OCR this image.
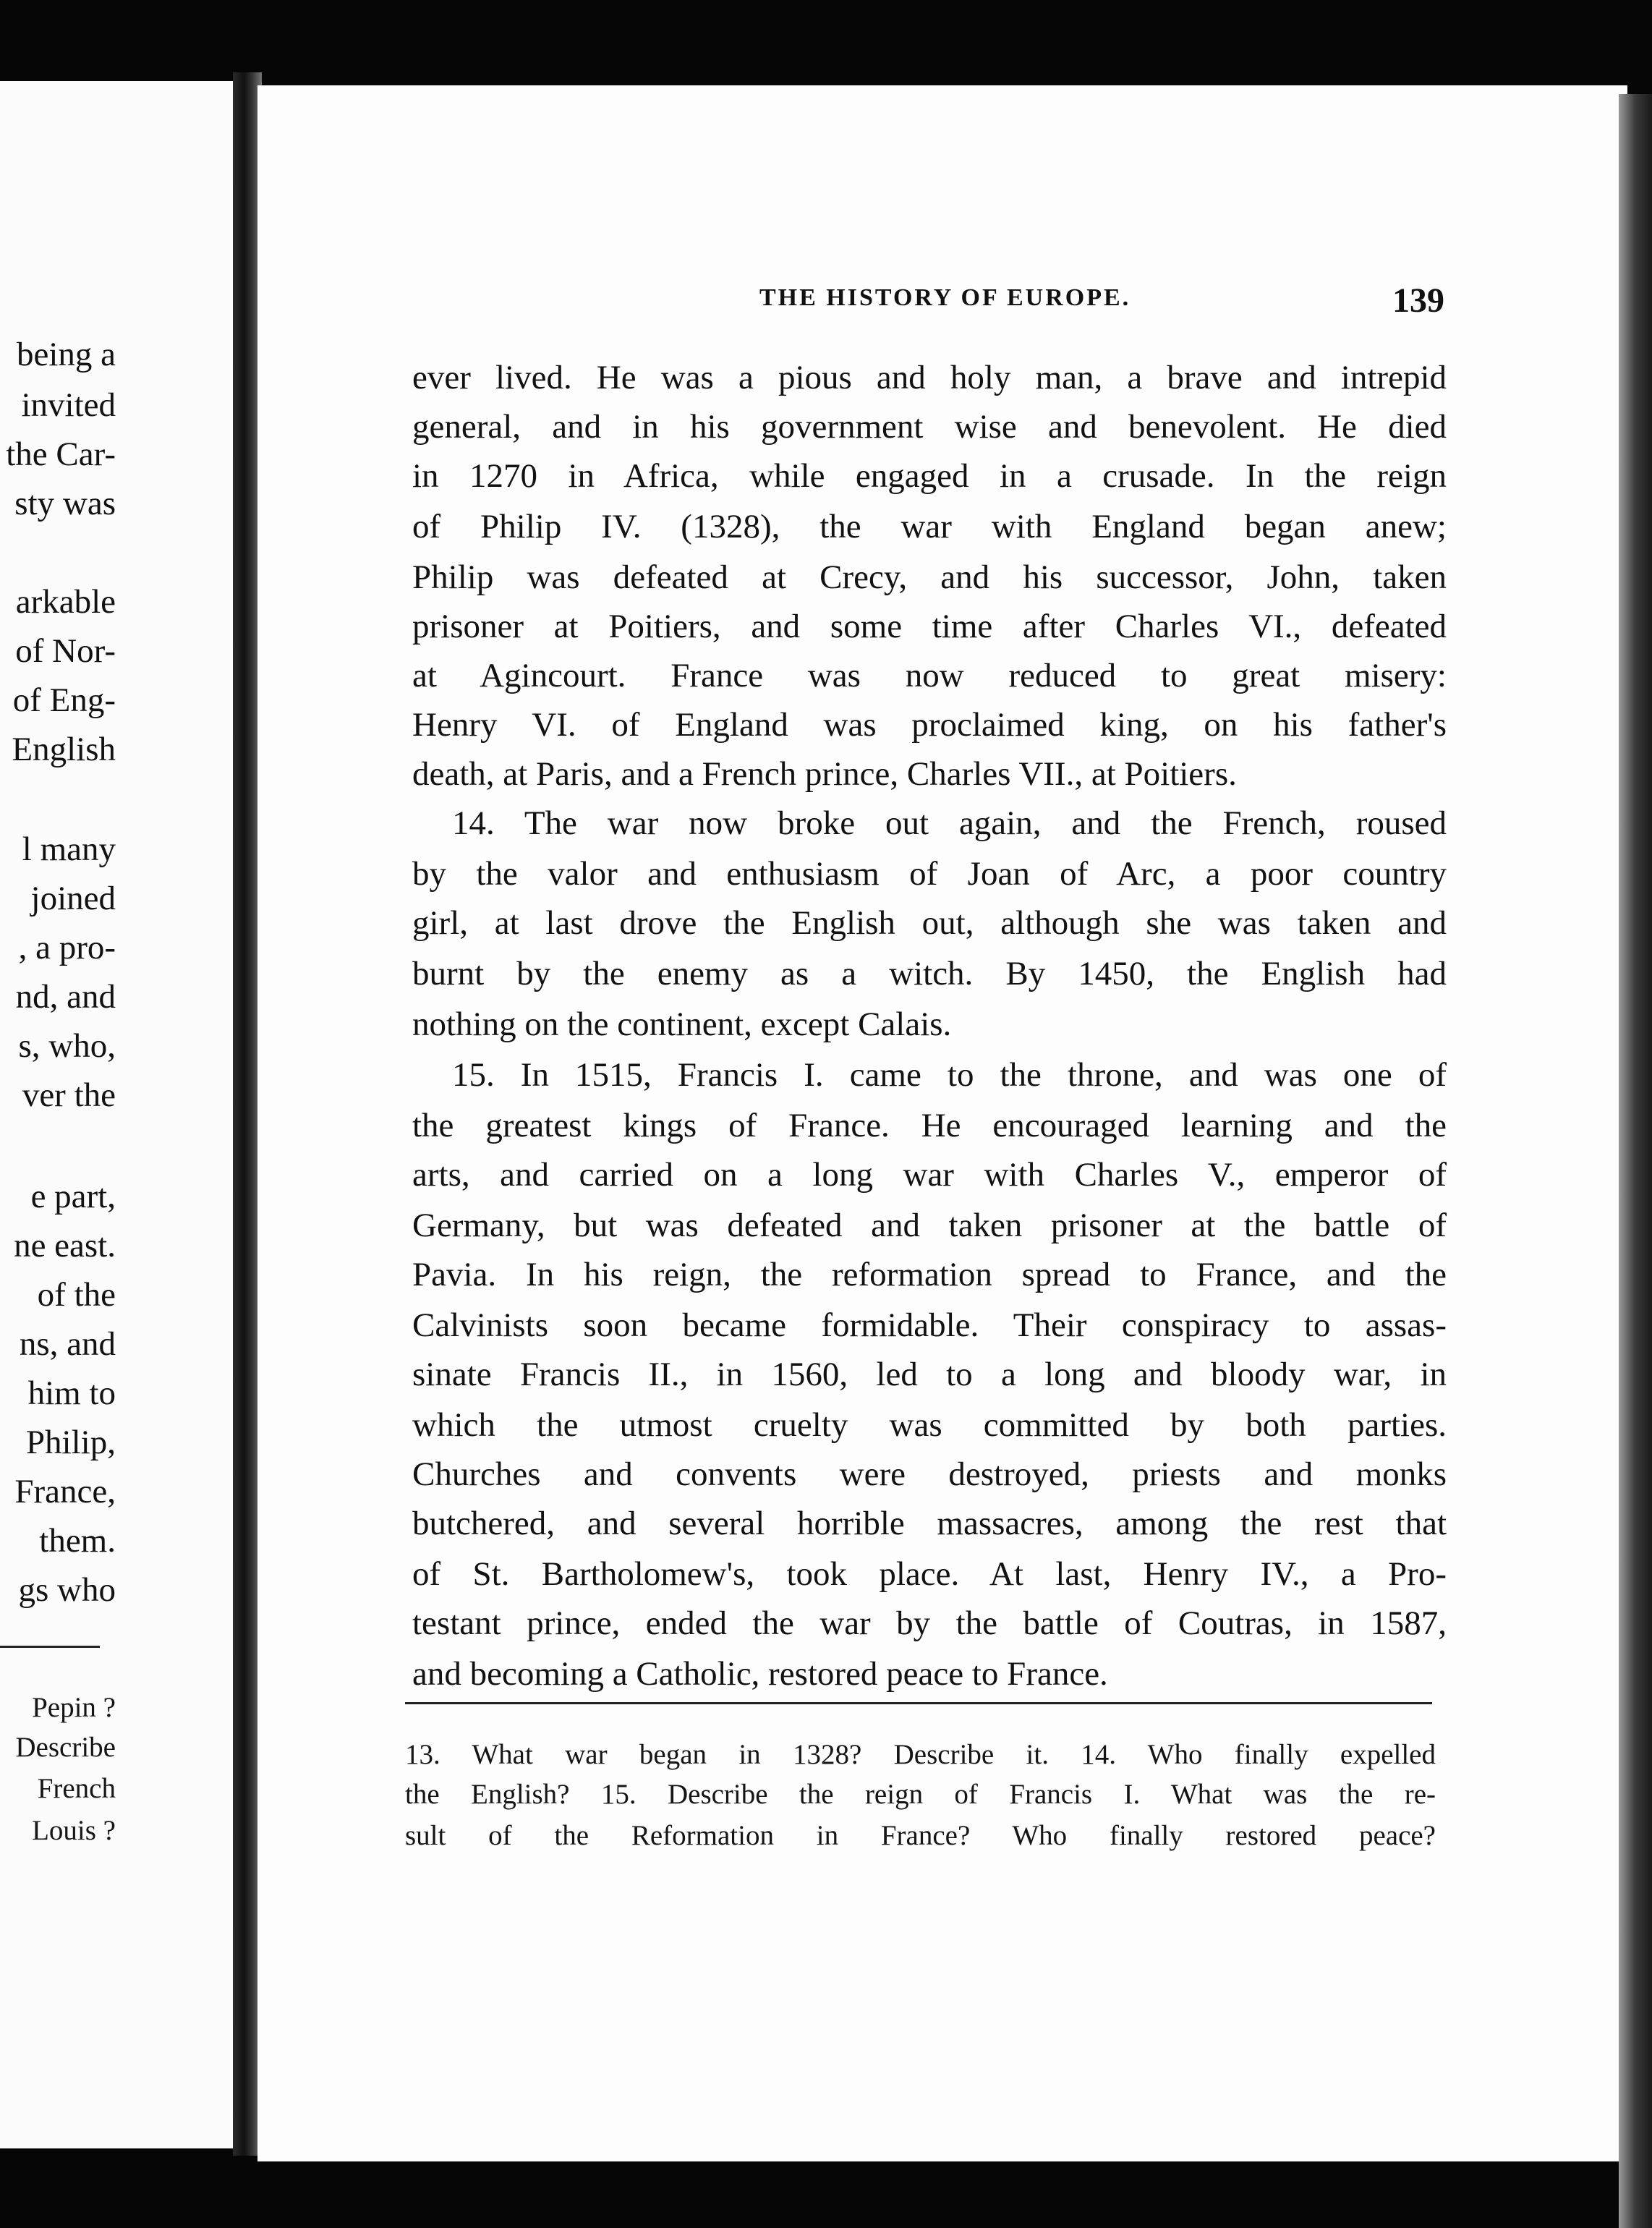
being a
invited
the Car-
sty was
arkable
of Nor-
of Eng-
English
l many
joined
, a pro-
nd, and
s, who,
ver the
e part,
ne east.
of the
ns, and
him to
Philip,
France,
them.
gs who
Pepin ?
Describe
French
Louis ?
THE HISTORY OF EUROPE.	139
ever lived. He was a pious and holy man, a brave and intrepid
general, and in his government wise and benevolent. He died
in 1270 in Africa, while engaged in a crusade. In the reign
of Philip IV. (1328), the war with England began anew;
Philip was defeated at Crecy, and his successor, John, taken
prisoner at Poitiers, and some time after Charles VI., defeated
at Agincourt. France was now reduced to great misery:
Henry VI. of England was proclaimed king, on his father's
death, at Paris, and a French prince, Charles VII., at Poitiers.
14. The war now broke out again, and the French, roused
by the valor and enthusiasm of Joan of Arc, a poor country
girl, at last drove the English out, although she was taken and
burnt by the enemy as a witch. By 1450, the English had
nothing on the continent, except Calais.
15. In 1515, Francis I. came to the throne, and was one of
the greatest kings of France. He encouraged learning and the
arts, and carried on a long war with Charles V., emperor of
Germany, but was defeated and taken prisoner at the battle of
Pavia. In his reign, the reformation spread to France, and the
Calvinists soon became formidable. Their conspiracy to assas-
sinate Francis II., in 1560, led to a long and bloody war, in
which the utmost cruelty was committed by both parties.
Churches and convents were destroyed, priests and monks
butchered, and several horrible massacres, among the rest that
of St. Bartholomew's, took place. At last, Henry IV., a Pro-
testant prince, ended the war by the battle of Coutras, in 1587,
and becoming a Catholic, restored peace to France.
13. What war began in 1328? Describe it. 14. Who finally expelled
the English? 15. Describe the reign of Francis I. What was the re-
sult of the Reformation in France? Who finally restored peace?
